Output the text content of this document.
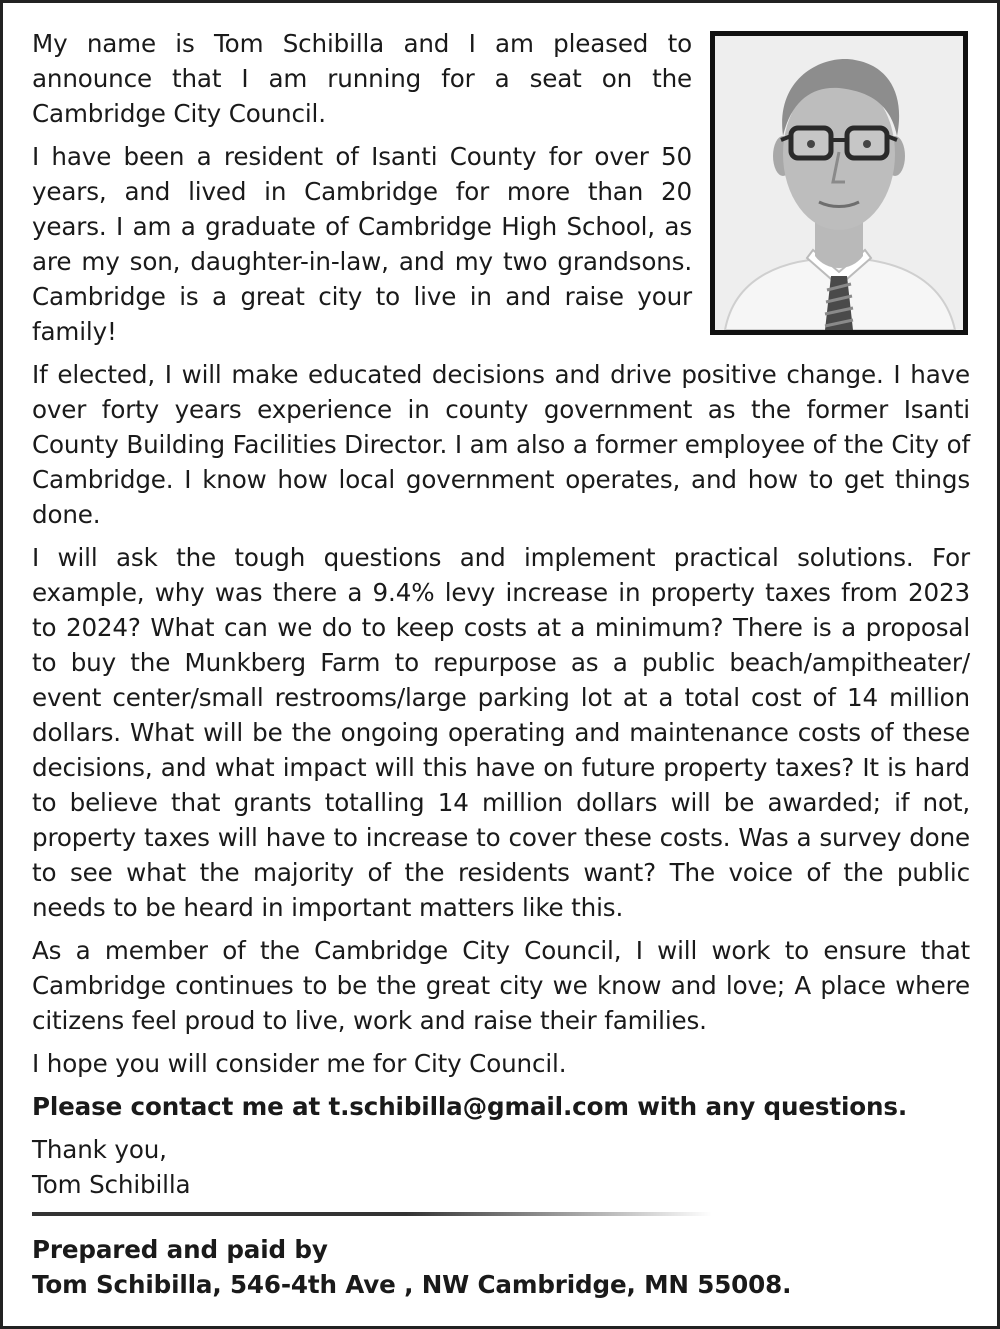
My name is Tom Schibilla and I am pleased to announce that I am running for a seat on the Cambridge City Council.

I have been a resident of Isanti County for over 50 years, and lived in Cambridge for more than 20 years. I am a graduate of Cambridge High School, as are my son, daughter-in-law, and my two grandsons. Cambridge is a great city to live in and raise your family!

If elected, I will make educated decisions and drive positive change. I have over forty years experience in county government as the former Isanti County Building Facilities Director. I am also a former employee of the City of Cambridge. I know how local government operates, and how to get things done.

I will ask the tough questions and implement practical solutions. For example, why was there a 9.4% levy increase in property taxes from 2023 to 2024? What can we do to keep costs at a minimum? There is a proposal to buy the Munkberg Farm to repurpose as a public beach/ampitheater/ event center/small restrooms/large parking lot at a total cost of 14 million dollars. What will be the ongoing operating and maintenance costs of these decisions, and what impact will this have on future property taxes? It is hard to believe that grants totalling 14 million dollars will be awarded; if not, property taxes will have to increase to cover these costs. Was a survey done to see what the majority of the residents want? The voice of the public needs to be heard in important matters like this.

As a member of the Cambridge City Council, I will work to ensure that Cambridge continues to be the great city we know and love; A place where citizens feel proud to live, work and raise their families.

I hope you will consider me for City Council.

Please contact me at t.schibilla@gmail.com with any questions.

Thank you,

Tom Schibilla

Prepared and paid by

Tom Schibilla, 546-4th Ave , NW Cambridge, MN 55008.
